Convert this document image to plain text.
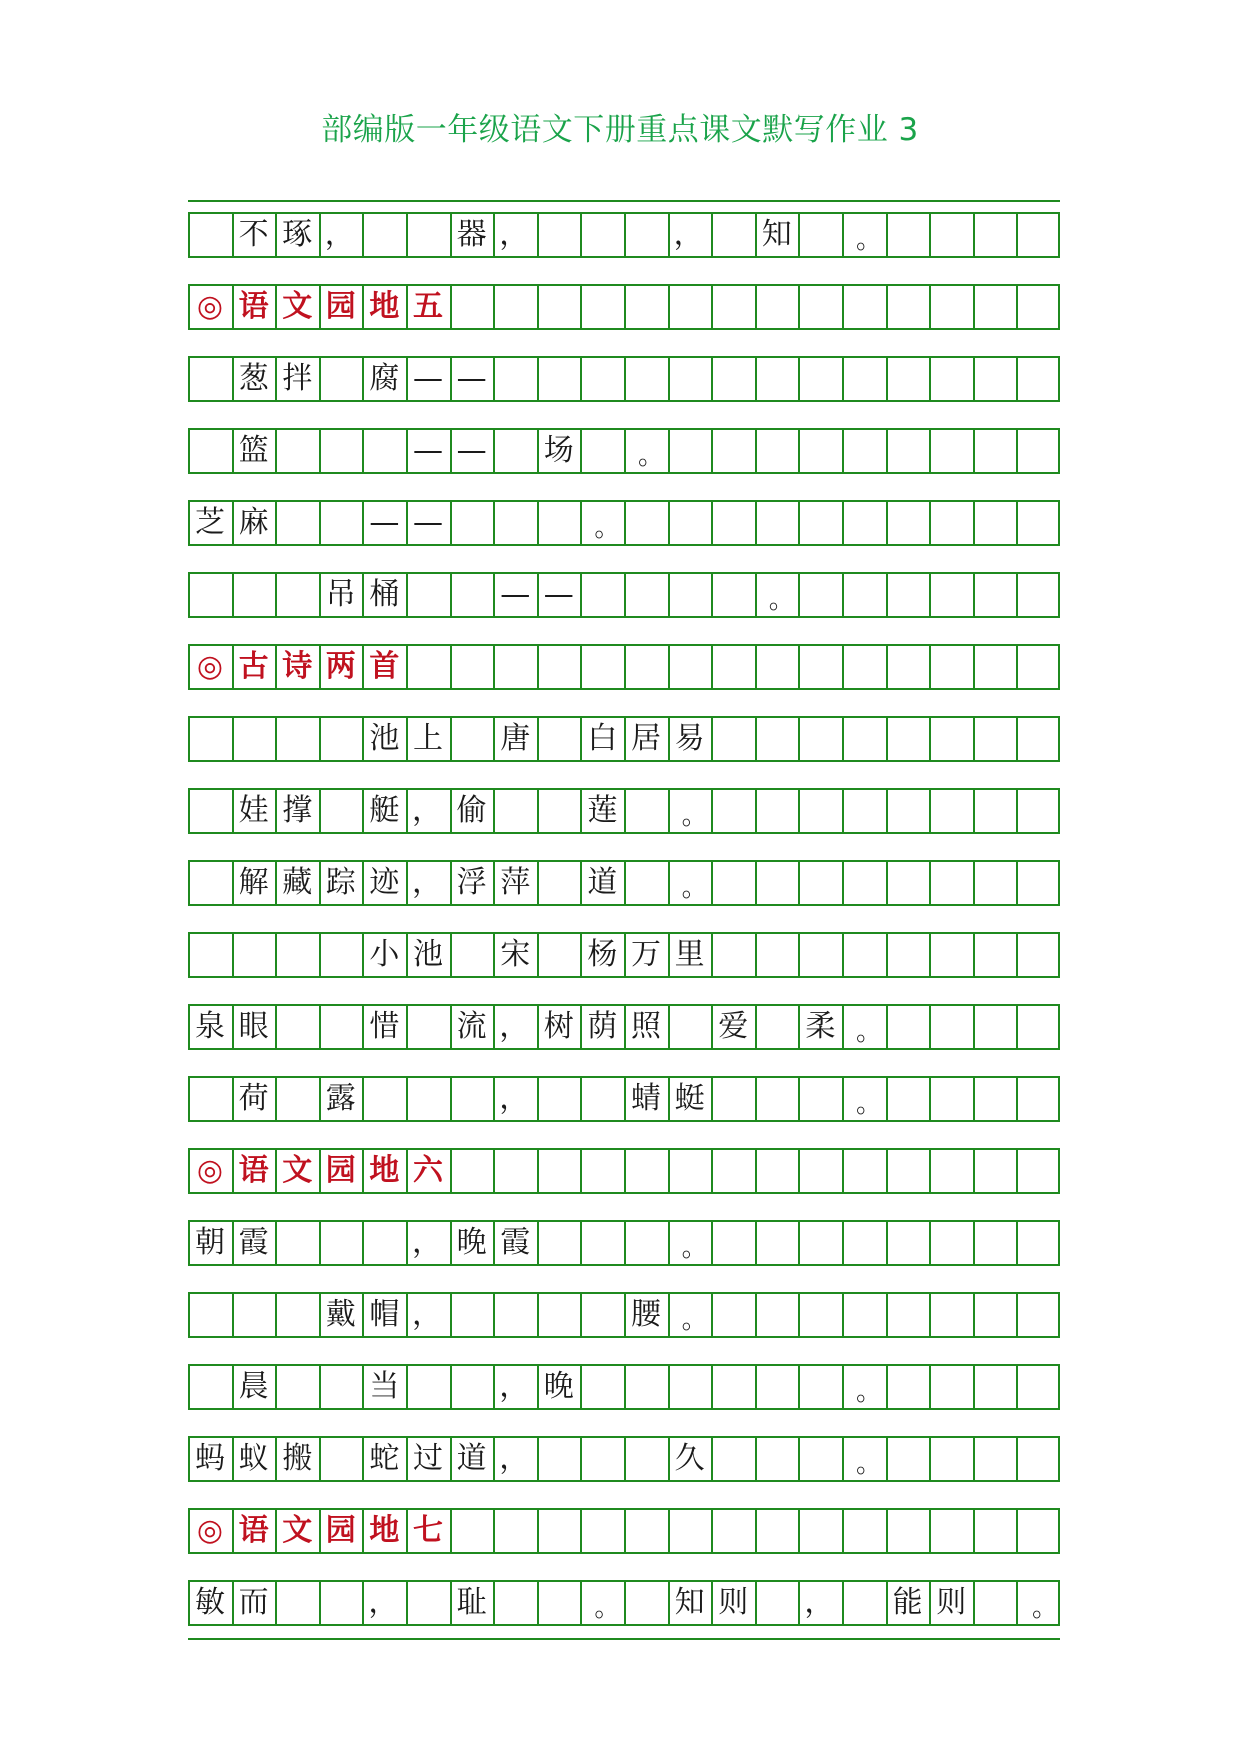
部编版一年级语文下册重点课文默写作业 3
不 琢 ，	器 ，	， 知	。
◎ 语 文 园 地 五
葱 拌 腐 — —
篮	— — 场	。
芝 麻	— —	。
吊 桶	— —	。
◎ 古 诗 两 首
池 上 唐 白 居 易
娃 撑 艇 ， 偷	莲	。
解 藏 踪 迹 ， 浮 萍 道	。
小 池 宋 杨 万 里
泉 眼	惜 流 ， 树 荫 照 爱 柔 。
荷 露	，	蜻 蜓	。
◎ 语 文 园 地 六
朝 霞	， 晚 霞	。
戴 帽 ，	腰 。
晨	当	， 晚	。
蚂 蚁 搬 蛇 过 道 ，	久	。
◎ 语 文 园 地 七
敏 而	， 耻	。 知 则 ， 能 则	。
